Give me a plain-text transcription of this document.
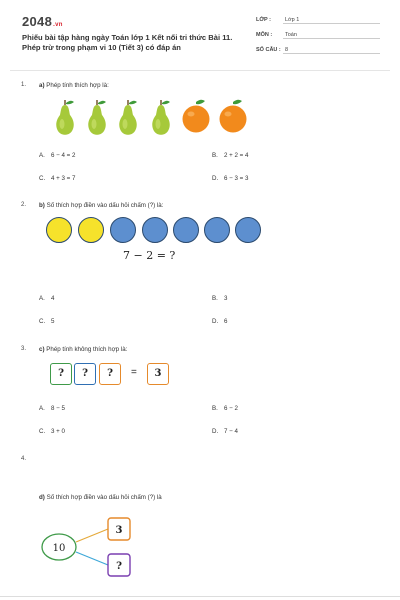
2048.vn
Phiếu bài tập hàng ngày Toán lớp 1 Kết nối tri thức Bài 11.
Phép trừ trong phạm vi 10 (Tiết 3) có đáp án
LỚP :	Lớp 1
MÔN : Toán
SỐ CÂU : 8
1. a) Phép tính thích hợp là:
A. 6 − 4 = 2	B. 2 + 2 = 4
C. 4 + 3 = 7	D. 6 − 3 = 3
2. b) Số thích hợp điền vào dấu hỏi chấm (?) là:
7 − 2 = ?
A. 4	B. 3
C. 5	D. 6
3. c) Phép tính không thích hợp là:
?	?	?	=	3
A. 8 − 5	B. 6 − 2
C. 3 + 0	D. 7 − 4
4.
d) Số thích hợp điền vào dấu hỏi chấm (?) là
10
3
?
